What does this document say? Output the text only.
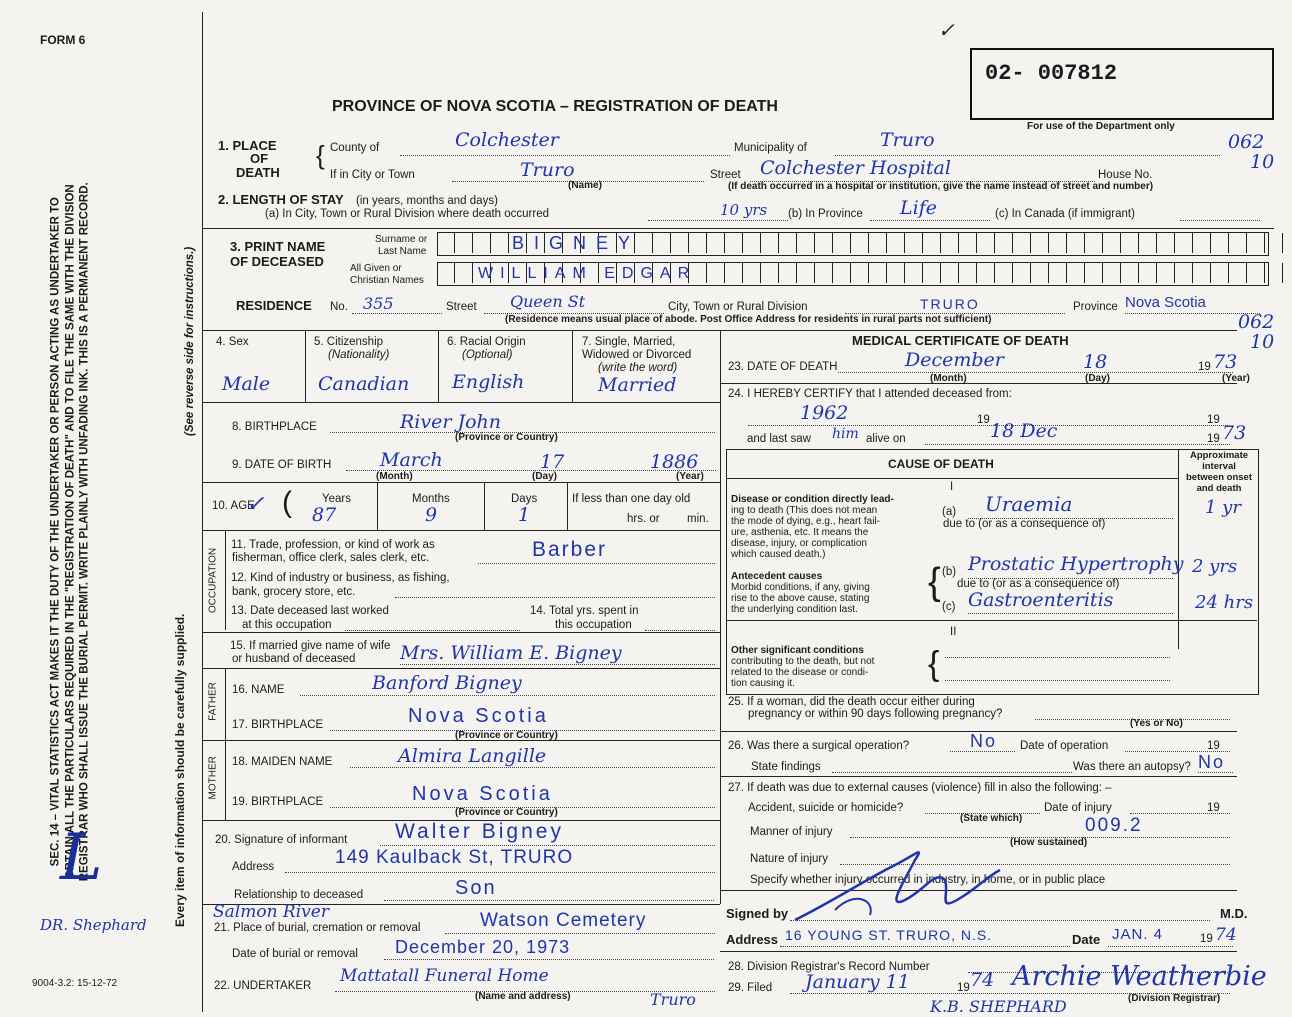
FORM 6
SEC. 14 – VITAL STATISTICS ACT MAKES IT THE DUTY OF THE UNDERTAKER OR PERSON ACTING AS UNDERTAKER TO OBTAIN ALL THE PARTICULARS REQUIRED IN THE "REGISTRATION OF DEATH" AND TO FILE THE SAME WITH THE DIVISION REGISTRAR WHO SHALL ISSUE THE BURIAL PERMIT. WRITE PLAINLY WITH UNFADING INK. THIS IS A PERMANENT RECORD.	(See reverse side for instructions.)
Every item of information should be carefully supplied.
L
DR. Shephard
9004-3.2: 15-12-72
✓
02- 007812
For use of the Department only
PROVINCE OF NOVA SCOTIA – REGISTRATION OF DEATH
1. PLACE
OF
DEATH
{ County of	Colchester	Municipality of	Truro	062
10
If in City or Town	Truro
(Name)
Street Colchester Hospital	House No.
(If death occurred in a hospital or institution, give the name instead of street and number)
2. LENGTH OF STAY (in years, months and days)
(a) In City, Town or Rural Division where death occurred	10 yrs (b) In Province Life	(c) In Canada (if immigrant)
3. PRINT NAME
OF DECEASED
Surname or
Last Name
All Given or
Christian Names
BIGNEY
WILLIAM EDGAR
RESIDENCE No. 355	Street Queen St	City, Town or Rural Division	TRURO	Province Nova Scotia
062
10
(Residence means usual place of abode. Post Office Address for residents in rural parts not sufficient)
4. Sex
Male
5. Citizenship
(Nationality)
Canadian
6. Racial Origin
(Optional)
English
7. Single, Married,
Widowed or Divorced
(write the word)
Married
8. BIRTHPLACE	River John
(Province or Country)
9. DATE OF BIRTH	March	17	1886
(Month)	(Day)	(Year)
10. AGE
✓ (	Years	Months	Days	If less than one day old
87	9	1	hrs. or min.
OCCUPATION
11. Trade, profession, or kind of work as
fisherman, office clerk, sales clerk, etc.	Barber
12. Kind of industry or business, as fishing,
bank, grocery store, etc.
13. Date deceased last worked
at this occupation
14. Total yrs. spent in
this occupation
15. If married give name of wife
or husband of deceased Mrs. William E. Bigney
FATHER 16. NAME	Banford Bigney
17. BIRTHPLACE	Nova Scotia
(Province or Country)
MOTHER 18. MAIDEN NAME	Almira Langille
19. BIRTHPLACE	Nova Scotia
(Province or Country)
20. Signature of informant Walter Bigney
Address	149 Kaulback St, TRURO
Relationship to deceased	Son
Salmon River
21. Place of burial, cremation or removal	Watson Cemetery
Date of burial or removal December 20, 1973
22. UNDERTAKER Mattatall Funeral Home
(Name and address)	Truro
MEDICAL CERTIFICATE OF DEATH
23. DATE OF DEATH	December	18	19 73
(Month)	(Day)	(Year)
24. I HEREBY CERTIFY that I attended deceased from:
1962	19	19
and last saw him alive on	18 Dec	19 73
CAUSE OF DEATH
Approximate interval between onset and death
I
Disease or condition directly lead-
ing to death (This does not mean
the mode of dying, e.g., heart fail-
ure, asthenia, etc. It means the
disease, injury, or complication
which caused death.)
(a) Uraemia	1 yr
due to (or as a consequence of)
Antecedent causes
Morbid conditions, if any, giving
rise to the above cause, stating
the underlying condition last.
{ (b) Prostatic Hypertrophy 2 yrs
due to (or as a consequence of)
(c) Gastroenteritis	24 hrs
II
Other significant conditions
contributing to the death, but not
related to the disease or condi-
tion causing it.
{
25. If a woman, did the death occur either during
pregnancy or within 90 days following pregnancy?
(Yes or No)
26. Was there a surgical operation?	No Date of operation	19
State findings	Was there an autopsy? No
27. If death was due to external causes (violence) fill in also the following: –
Accident, suicide or homicide?	Date of injury	19
(State which)
Manner of injury	009.2
(How sustained)
Nature of injury
Specify whether injury occurred in industry, in home, or in public place
Signed by	M.D.
Address 16 YOUNG ST. TRURO, N.S.	Date JAN. 4	19 74
28. Division Registrar's Record Number
29. Filed January 11	19 74 Archie Weatherbie
(Division Registrar)
K.B. SHEPHARD
